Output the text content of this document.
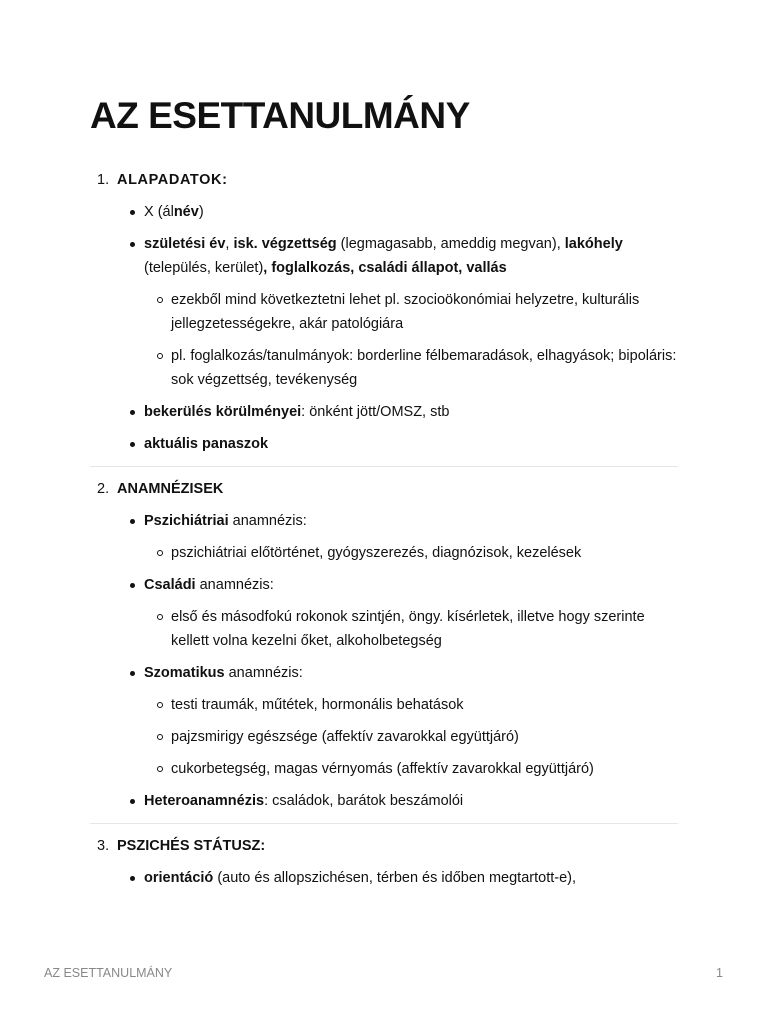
AZ ESETTANULMÁNY
1. ALAPADATOK:
X (álnév)
születési év, isk. végzettség (legmagasabb, ameddig megvan), lakóhely (település, kerület), foglalkozás, családi állapot, vallás
ezekből mind következtetni lehet pl. szocioökonómiai helyzetre, kulturális jellegzetességekre, akár patológiára
pl. foglalkozás/tanulmányok: borderline félbemaradások, elhagyások; bipoláris: sok végzettség, tevékenység
bekerülés körülményei: önként jött/OMSZ, stb
aktuális panaszok
2. ANAMNÉZISEK
Pszichiátriai anamnézis:
pszichiátriai előtörténet, gyógyszerezés, diagnózisok, kezelések
Családi anamnézis:
első és másodfokú rokonok szintjén, öngy. kísérletek, illetve hogy szerinte kellett volna kezelni őket, alkoholbetegség
Szomatikus anamnézis:
testi traumák, műtétek, hormonális behatások
pajzsmirigy egészsége (affektív zavarokkal együttjáró)
cukorbetegség, magas vérnyomás (affektív zavarokkal együttjáró)
Heteroanamnézis: családok, barátok beszámolói
3. PSZICHÉS STÁTUSZ:
orientáció (auto és allopszichésen, térben és időben megtartott-e),
AZ ESETTANULMÁNY	1
